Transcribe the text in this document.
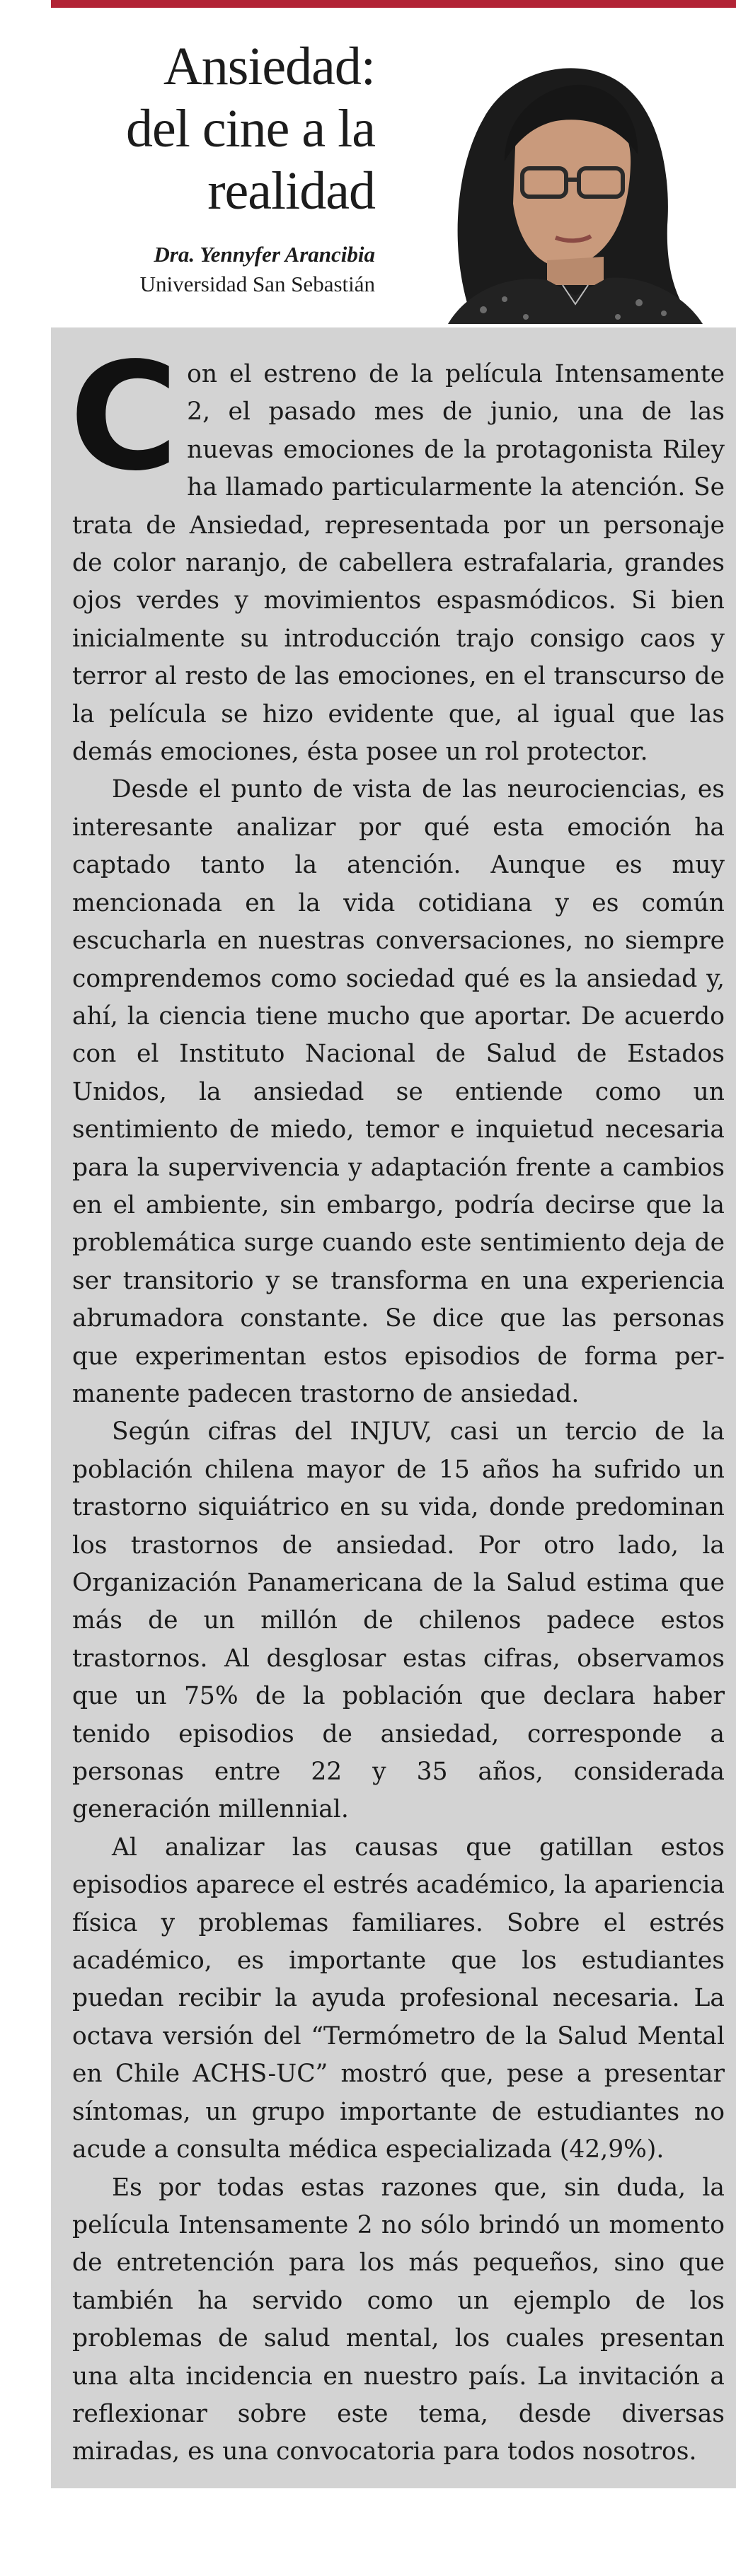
Ansiedad:
del cine a la
realidad
Dra. Yennyfer Arancibia
Universidad San Sebastián

Con el estreno de la película Intensamente 2, el pasado mes de junio, una de las nuevas emociones de la protagonista Riley ha llamado particularmente la atención. Se trata de Ansiedad, representada por un personaje de color naranjo, de cabellera estrafalaria, grandes ojos verdes y movimientos espasmódicos. Si bien inicialmente su introducción trajo consigo caos y terror al resto de las emociones, en el transcurso de la película se hizo evidente que, al igual que las demás emociones, ésta posee un rol protector.

Desde el punto de vista de las neurociencias, es interesante analizar por qué esta emoción ha captado tanto la atención. Aunque es muy mencionada en la vida cotidiana y es común escucharla en nuestras conversaciones, no siempre comprendemos como sociedad qué es la ansiedad y, ahí, la ciencia tiene mucho que aportar. De acuerdo con el Instituto Nacional de Salud de Estados Unidos, la ansiedad se entiende como un sentimiento de miedo, temor e inquietud necesaria para la supervivencia y adaptación frente a cambios en el ambiente, sin embargo, podría decirse que la problemática surge cuando este sentimiento deja de ser transitorio y se transforma en una experiencia abrumadora constante. Se dice que las personas que experimentan estos episodios de forma permanente padecen trastorno de ansiedad.

Según cifras del INJUV, casi un tercio de la población chilena mayor de 15 años ha sufrido un trastorno siquiátrico en su vida, donde predominan los trastornos de ansiedad. Por otro lado, la Organización Panamericana de la Salud estima que más de un millón de chilenos padece estos trastornos. Al desglosar estas cifras, observamos que un 75% de la población que declara haber tenido episodios de ansiedad, corresponde a personas entre 22 y 35 años, considerada generación millennial.

Al analizar las causas que gatillan estos episodios aparece el estrés académico, la apariencia física y problemas familiares. Sobre el estrés académico, es importante que los estudiantes puedan recibir la ayuda profesional necesaria. La octava versión del “Termómetro de la Salud Mental en Chile ACHS-UC” mostró que, pese a presentar síntomas, un grupo importante de estudiantes no acude a consulta médica especializada (42,9%).

Es por todas estas razones que, sin duda, la película Intensamente 2 no sólo brindó un momento de entretención para los más pequeños, sino que también ha servido como un ejemplo de los problemas de salud mental, los cuales presentan una alta incidencia en nuestro país. La invitación a reflexionar sobre este tema, desde diversas miradas, es una convocatoria para todos nosotros.
